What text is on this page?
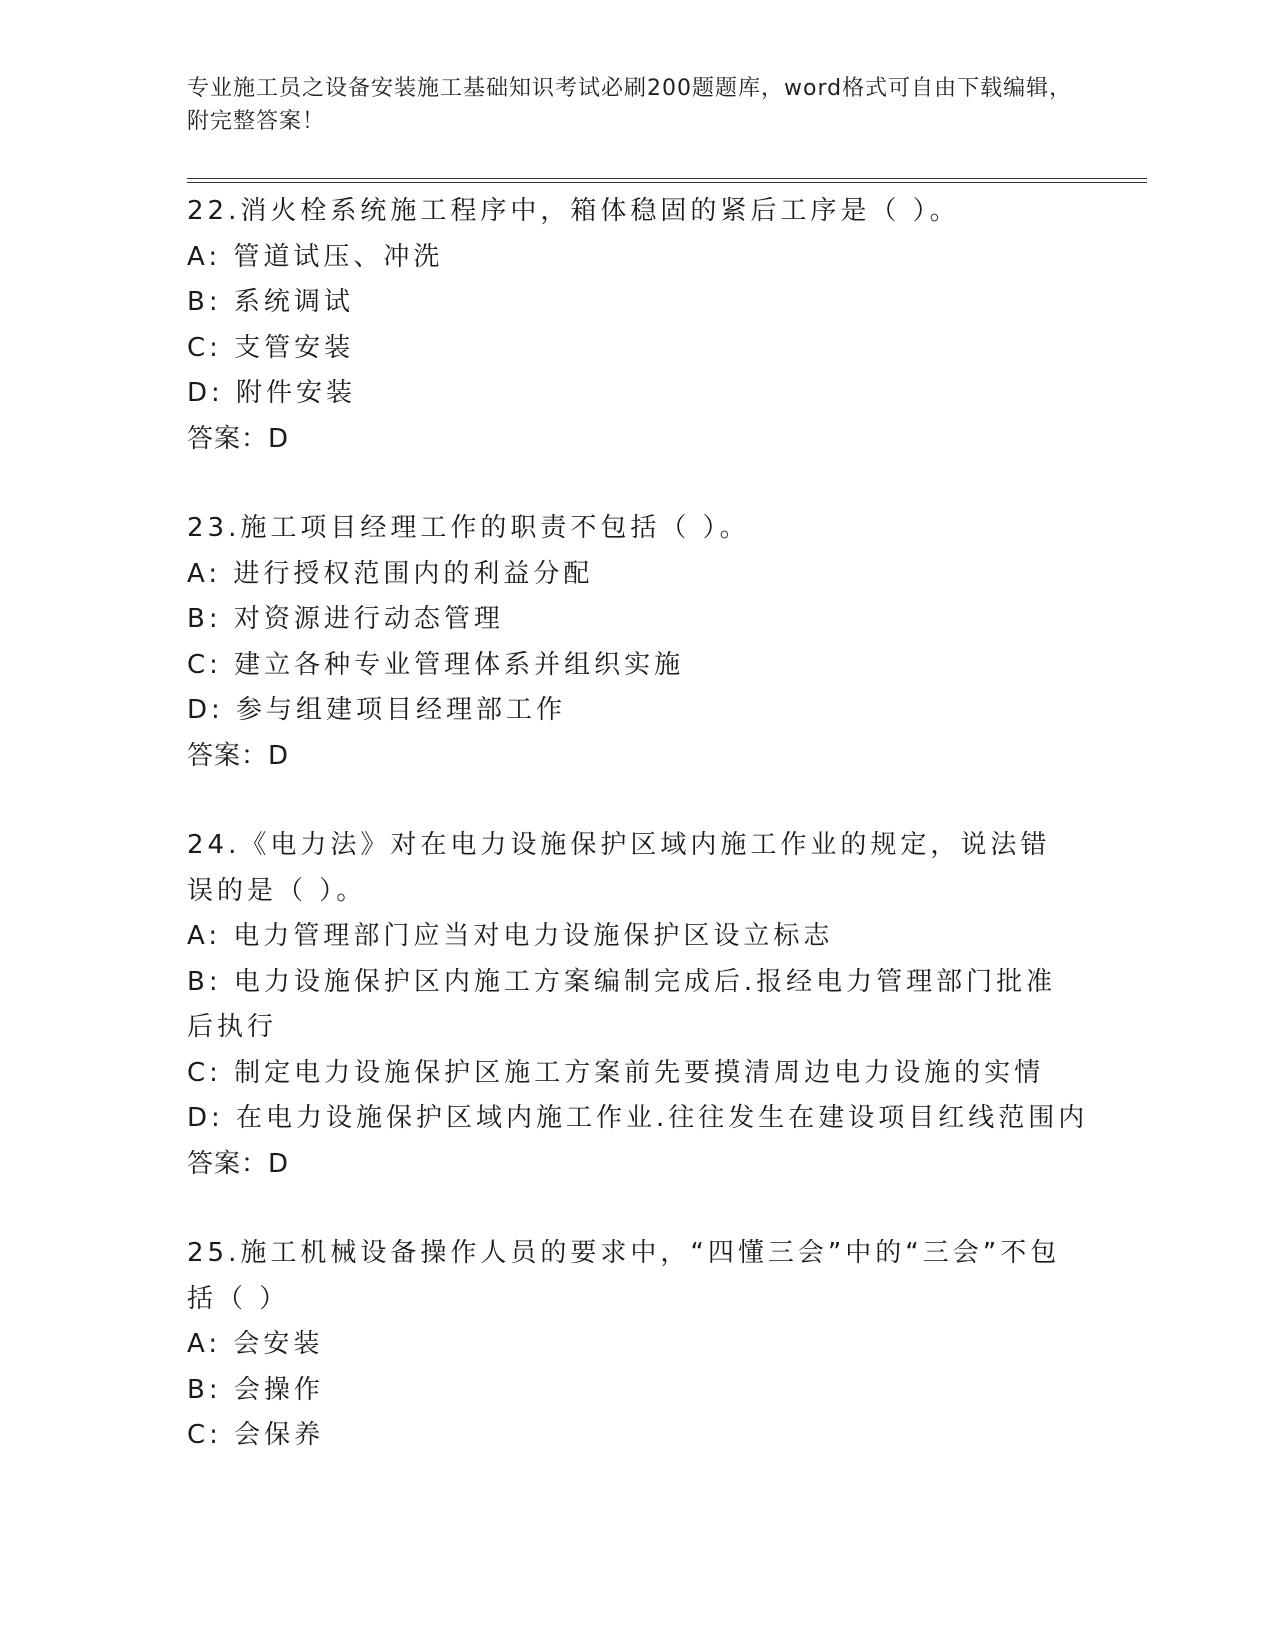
专业施工员之设备安装施工基础知识考试必刷200题题库，word格式可自由下载编辑，附完整答案！
22.消火栓系统施工程序中，箱体稳固的紧后工序是（ ）。
A: 管道试压、冲洗
B: 系统调试
C: 支管安装
D: 附件安装
答案：D
23.施工项目经理工作的职责不包括（ ）。
A: 进行授权范围内的利益分配
B: 对资源进行动态管理
C: 建立各种专业管理体系并组织实施
D: 参与组建项目经理部工作
答案：D
24.《电力法》对在电力设施保护区域内施工作业的规定，说法错误的是（ ）。
A: 电力管理部门应当对电力设施保护区设立标志
B: 电力设施保护区内施工方案编制完成后.报经电力管理部门批准后执行
C: 制定电力设施保护区施工方案前先要摸清周边电力设施的实情
D: 在电力设施保护区域内施工作业.往往发生在建设项目红线范围内
答案：D
25.施工机械设备操作人员的要求中，“四懂三会”中的“三会”不包括（ ）
A: 会安装
B: 会操作
C: 会保养
